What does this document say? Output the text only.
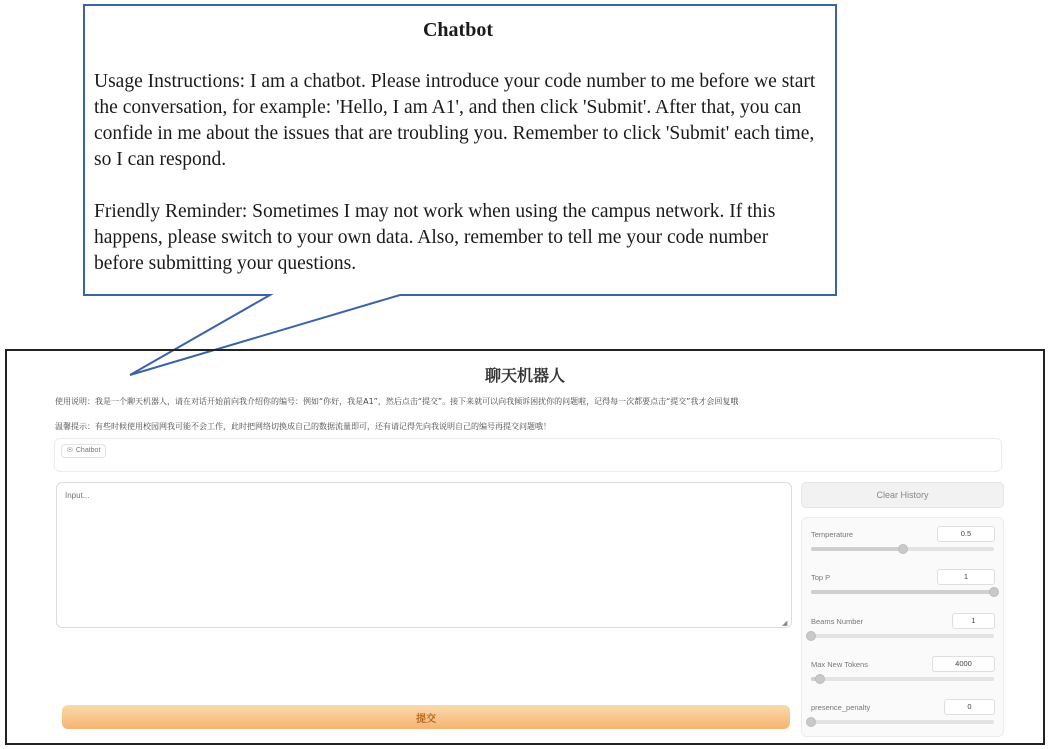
Chatbot
Usage Instructions: I am a chatbot. Please introduce your code number to me before we start the conversation, for example: 'Hello, I am A1', and then click 'Submit'. After that, you can confide in me about the issues that are troubling you. Remember to click 'Submit' each time, so I can respond.
Friendly Reminder: Sometimes I may not work when using the campus network. If this happens, please switch to your own data. Also, remember to tell me your code number before submitting your questions.
聊天机器人
使用说明：我是一个聊天机器人，请在对话开始前向我介绍你的编号：例如“你好，我是A1”，然后点击“提交”。接下来就可以向我倾诉困扰你的问题啦，记得每一次都要点击“提交”我才会回复哦
温馨提示：有些时候使用校园网我可能不会工作，此时把网络切换成自己的数据流量即可，还有请记得先向我说明自己的编号再提交问题哦！
✉ Chatbot
Input...
◢
提交
Clear History
Temperature	0.5
Top P	1
Beams Number	1
Max New Tokens	4000
presence_penalty	0
